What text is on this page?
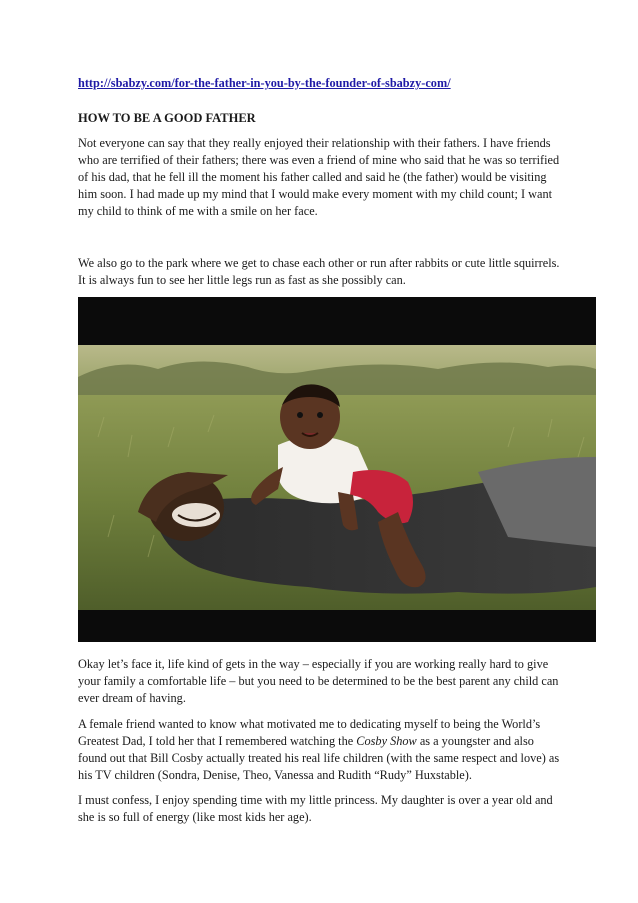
http://sbabzy.com/for-the-father-in-you-by-the-founder-of-sbabzy-com/
HOW TO BE A GOOD FATHER

Not everyone can say that they really enjoyed their relationship with their fathers. I have friends who are terrified of their fathers; there was even a friend of mine who said that he was so terrified of his dad, that he fell ill the moment his father called and said he (the father) would be visiting him soon. I had made up my mind that I would make every moment with my child count; I want my child to think of me with a smile on her face.

We also go to the park where we get to chase each other or run after rabbits or cute little squirrels. It is always fun to see her little legs run as fast as she possibly can.

Okay let’s face it, life kind of gets in the way – especially if you are working really hard to give your family a comfortable life – but you need to be determined to be the best parent any child can ever dream of having.

A female friend wanted to know what motivated me to dedicating myself to being the World’s Greatest Dad, I told her that I remembered watching the Cosby Show as a youngster and also found out that Bill Cosby actually treated his real life children (with the same respect and love) as his TV children (Sondra, Denise, Theo, Vanessa and Rudith “Rudy” Huxstable).

I must confess, I enjoy spending time with my little princess. My daughter is over a year old and she is so full of energy (like most kids her age).
